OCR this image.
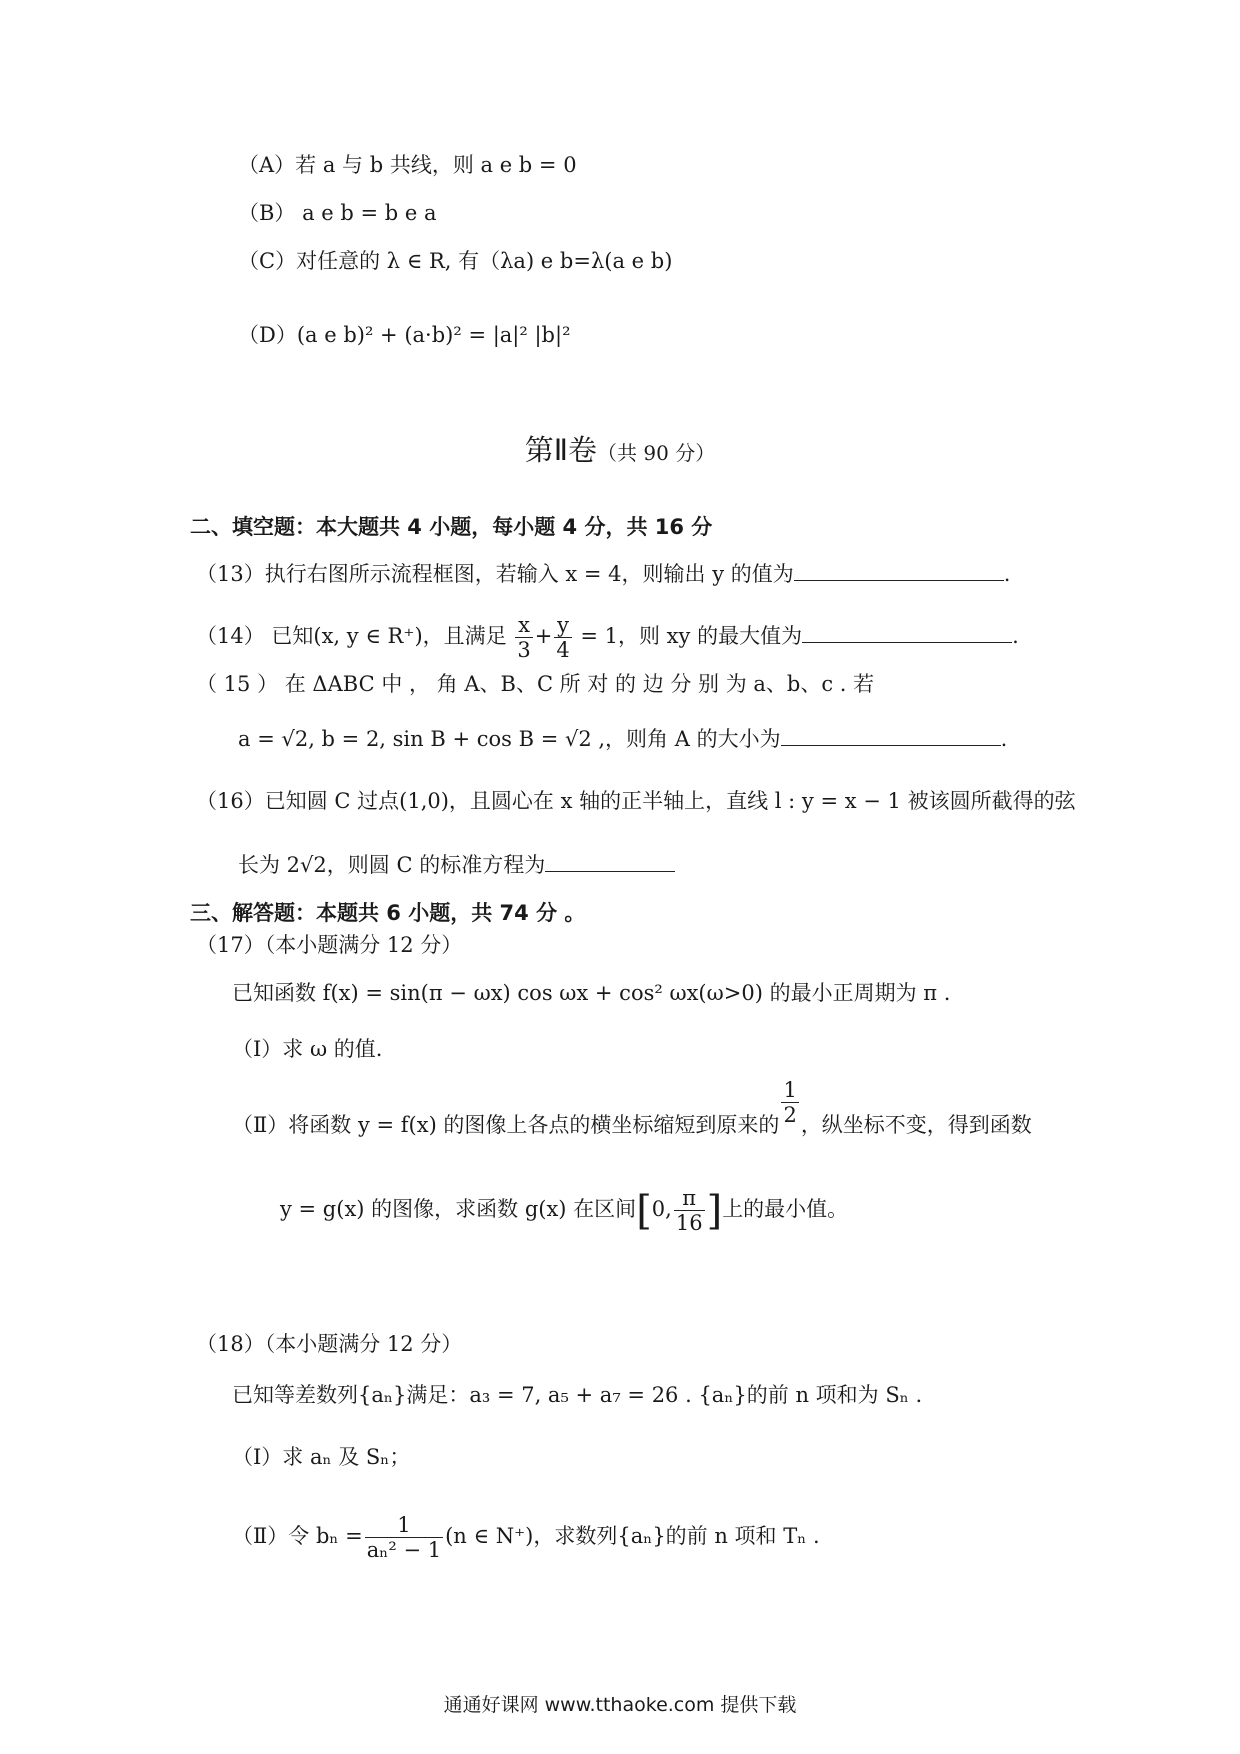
（A）若 a 与 b 共线，则 a e b = 0
（B） a e b = b e a
（C）对任意的 λ ∈ R, 有（λa) e b=λ(a e b)
（D）(a e b)² + (a·b)² = |a|² |b|²
第Ⅱ卷（共 90 分）
二、填空题：本大题共 4 小题，每小题 4 分，共 16 分
（13）执行右图所示流程框图，若输入 x = 4，则输出 y 的值为	.
（14） 已知(x, y ∈ R⁺)，且满足 $\frac{x}{3} + \frac{y}{4} = 1$，则 xy 的最大值为	.
（ 15 ） 在 ΔABC 中 ， 角 A、B、C 所 对 的 边 分 别 为 a、b、c . 若
a = √2, b = 2, sin B + cos B = √2 ,，则角 A 的大小为	.
（16）已知圆 C 过点(1,0)，且圆心在 x 轴的正半轴上，直线 l : y = x − 1 被该圆所截得的弦
长为 2√2，则圆 C 的标准方程为
三、解答题：本题共 6 小题，共 74 分 。
（17）（本小题满分 12 分）
已知函数 f(x) = sin(π − ωx) cos ωx + cos² ωx(ω>0) 的最小正周期为 π .
（Ⅰ）求 ω 的值.
（Ⅱ）将函数 y = f(x) 的图像上各点的横坐标缩短到原来的 $\frac{1}{2}$ ，纵坐标不变，得到函数
y = g(x) 的图像，求函数 g(x) 在区间[0, $\frac{\pi}{16}$ ]上的最小值。
（18）（本小题满分 12 分）
已知等差数列{aₙ}满足：a₃ = 7, a₅ + a₇ = 26 . {aₙ}的前 n 项和为 Sₙ .
（Ⅰ）求 aₙ 及 Sₙ；
（Ⅱ）令 $b_n = \frac{1}{\text{aₙ² − 1}} (n$ ∈ N⁺)，求数列{aₙ}的前 n 项和 Tₙ .
通通好课网 www.tthaoke.com 提供下载
